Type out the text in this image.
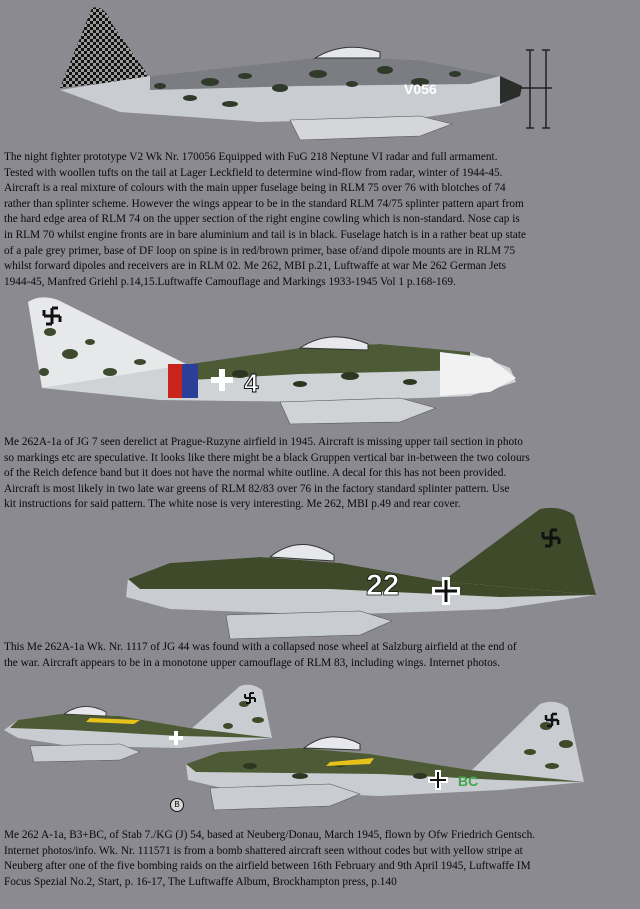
V056

The night fighter prototype V2 Wk Nr. 170056 Equipped with FuG 218 Neptune VI radar and full armament.
Tested with woollen tufts on the tail at Lager Leckfield to determine wind-flow from radar, winter of 1944-45.
Aircraft is a real mixture of colours with the main upper fuselage being in RLM 75 over 76 with blotches of 74
rather than splinter scheme. However the wings appear to be in the standard RLM 74/75 splinter pattern apart from
the hard edge area of RLM 74 on the upper section of the right engine cowling which is non-standard. Nose cap is
in RLM 70 whilst engine fronts are in bare aluminium and tail is in black. Fuselage hatch is in a rather beat up state
of a pale grey primer, base of DF loop on spine is in red/brown primer, base of/and dipole mounts are in RLM 75
whilst forward dipoles and receivers are in RLM 02. Me 262, MBI p.21, Luftwaffe at war Me 262 German Jets
1944-45, Manfred Griehl p.14,15.Luftwaffe Camouflage and Markings 1933-1945 Vol 1 p.168-169.

4

Me 262A-1a of JG 7 seen derelict at Prague-Ruzyne airfield in 1945. Aircraft is missing upper tail section in photo
so markings etc are speculative. It looks like there might be a black Gruppen vertical bar in-between the two colours
of the Reich defence band but it does not have the normal white outline. A decal for this has not been provided.
Aircraft is most likely in two late war greens of RLM 82/83 over 76 in the factory standard splinter pattern. Use
kit instructions for said pattern. The white nose is very interesting. Me 262, MBI p.49 and rear cover.

22

This Me 262A-1a Wk. Nr. 1117 of JG 44 was found with a collapsed nose wheel at Salzburg airfield at the end of
the war. Aircraft appears to be in a monotone upper camouflage of RLM 83, including wings. Internet photos.

BC
B

Me 262 A-1a, B3+BC, of Stab 7./KG (J) 54, based at Neuberg/Donau, March 1945, flown by Ofw Friedrich Gentsch.
Internet photos/info. Wk. Nr. 111571 is from a bomb shattered aircraft seen without codes but with yellow stripe at
Neuberg after one of the five bombing raids on the airfield between 16th February and 9th April 1945, Luftwaffe IM
Focus Spezial No.2, Start, p. 16-17, The Luftwaffe Album, Brockhampton press, p.140
